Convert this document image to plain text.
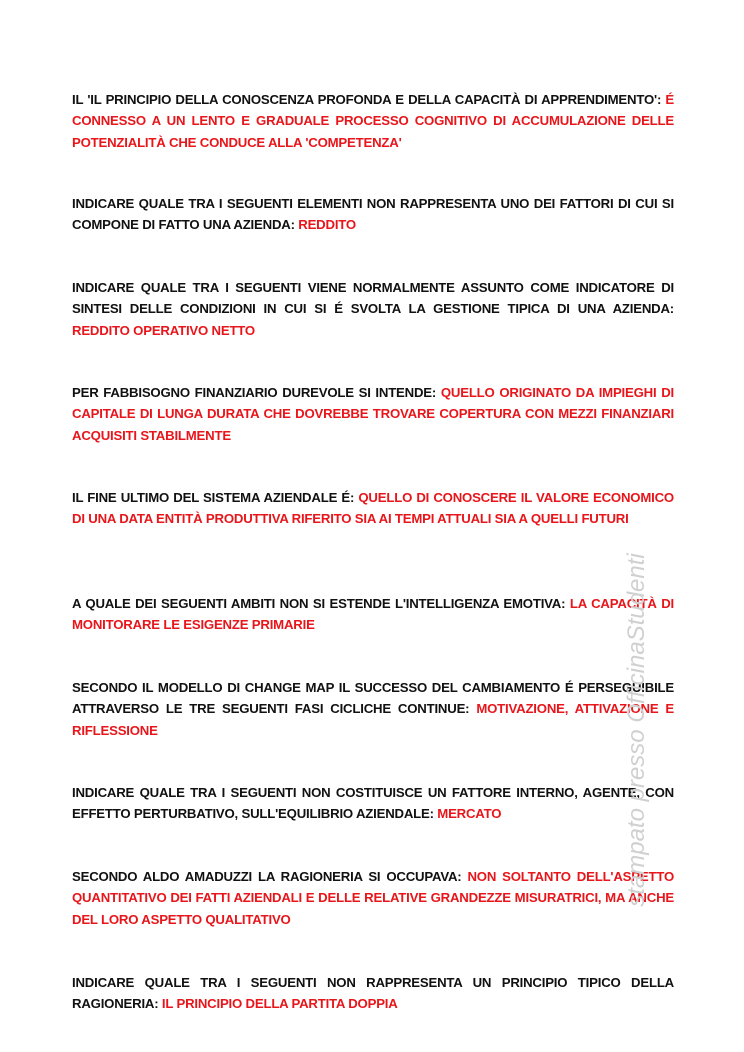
IL 'IL PRINCIPIO DELLA CONOSCENZA PROFONDA E DELLA CAPACITÀ DI APPRENDIMENTO': É CONNESSO A UN LENTO E GRADUALE PROCESSO COGNITIVO DI ACCUMULAZIONE DELLE POTENZIALITÀ CHE CONDUCE ALLA 'COMPETENZA'
INDICARE QUALE TRA I SEGUENTI ELEMENTI NON RAPPRESENTA UNO DEI FATTORI DI CUI SI COMPONE DI FATTO UNA AZIENDA: REDDITO
INDICARE QUALE TRA I SEGUENTI VIENE NORMALMENTE ASSUNTO COME INDICATORE DI SINTESI DELLE CONDIZIONI IN CUI SI É SVOLTA LA GESTIONE TIPICA DI UNA AZIENDA: REDDITO OPERATIVO NETTO
PER FABBISOGNO FINANZIARIO DUREVOLE SI INTENDE: QUELLO ORIGINATO DA IMPIEGHI DI CAPITALE DI LUNGA DURATA CHE DOVREBBE TROVARE COPERTURA CON MEZZI FINANZIARI ACQUISITI STABILMENTE
IL FINE ULTIMO DEL SISTEMA AZIENDALE É: QUELLO DI CONOSCERE IL VALORE ECONOMICO DI UNA DATA ENTITÀ PRODUTTIVA RIFERITO SIA AI TEMPI ATTUALI SIA A QUELLI FUTURI
A QUALE DEI SEGUENTI AMBITI NON SI ESTENDE L'INTELLIGENZA EMOTIVA: LA CAPACITÀ DI MONITORARE LE ESIGENZE PRIMARIE
SECONDO IL MODELLO DI CHANGE MAP IL SUCCESSO DEL CAMBIAMENTO É PERSEGUIBILE ATTRAVERSO LE TRE SEGUENTI FASI CICLICHE CONTINUE: MOTIVAZIONE, ATTIVAZIONE E RIFLESSIONE
INDICARE QUALE TRA I SEGUENTI NON COSTITUISCE UN FATTORE INTERNO, AGENTE, CON EFFETTO PERTURBATIVO, SULL'EQUILIBRIO AZIENDALE: MERCATO
SECONDO ALDO AMADUZZI LA RAGIONERIA SI OCCUPAVA: NON SOLTANTO DELL'ASPETTO QUANTITATIVO DEI FATTI AZIENDALI E DELLE RELATIVE GRANDEZZE MISURATRICI, MA ANCHE DEL LORO ASPETTO QUALITATIVO
INDICARE QUALE TRA I SEGUENTI NON RAPPRESENTA UN PRINCIPIO TIPICO DELLA RAGIONERIA: IL PRINCIPIO DELLA PARTITA DOPPIA
stampato presso OfficinaStudenti
